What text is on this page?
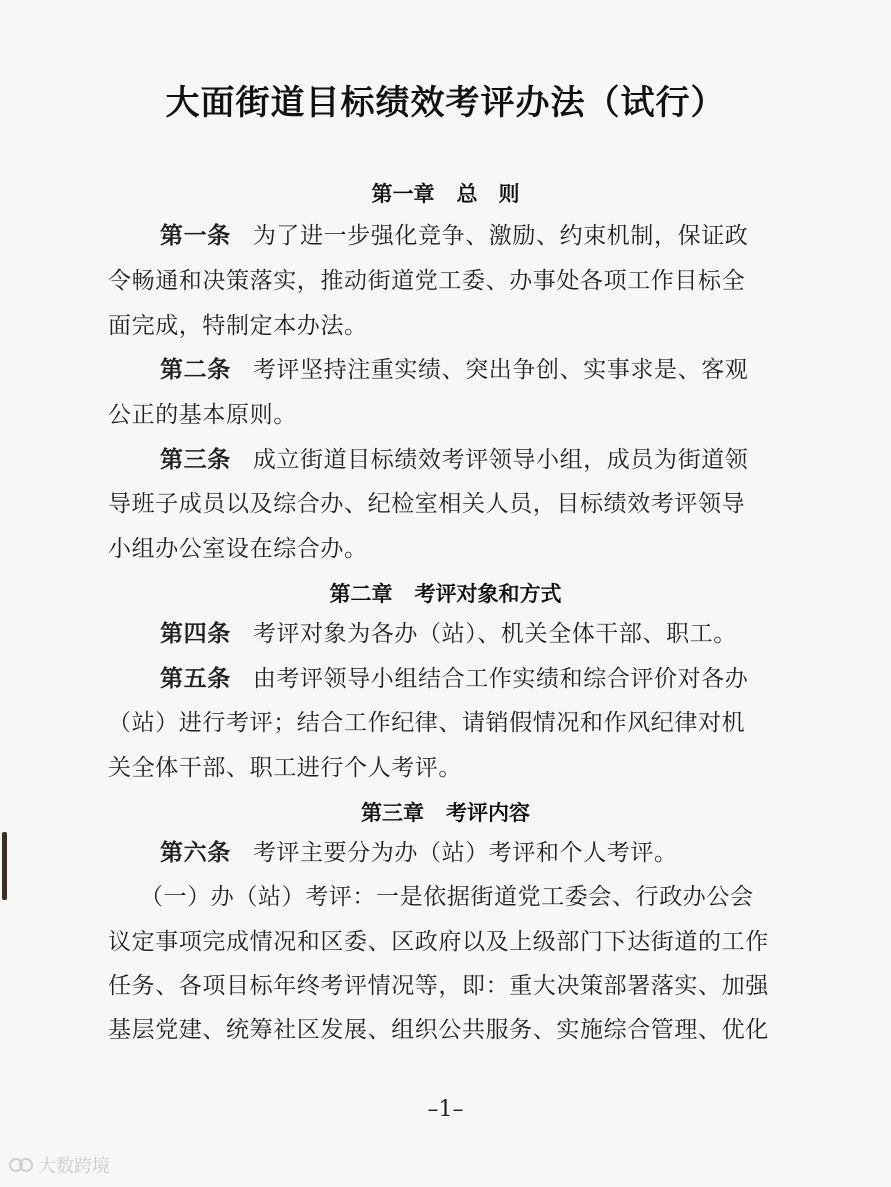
大面街道目标绩效考评办法（试行）
第一章 总　则
第一条 为了进一步强化竞争、激励、约束机制，保证政
令畅通和决策落实，推动街道党工委、办事处各项工作目标全
面完成，特制定本办法。
第二条 考评坚持注重实绩、突出争创、实事求是、客观
公正的基本原则。
第三条 成立街道目标绩效考评领导小组，成员为街道领
导班子成员以及综合办、纪检室相关人员，目标绩效考评领导
小组办公室设在综合办。
第二章 考评对象和方式
第四条 考评对象为各办（站）、机关全体干部、职工。
第五条 由考评领导小组结合工作实绩和综合评价对各办
（站）进行考评；结合工作纪律、请销假情况和作风纪律对机
关全体干部、职工进行个人考评。
第三章 考评内容
第六条 考评主要分为办（站）考评和个人考评。
（一）办（站）考评：一是依据街道党工委会、行政办公会
议定事项完成情况和区委、区政府以及上级部门下达街道的工作
任务、各项目标年终考评情况等，即：重大决策部署落实、加强
基层党建、统筹社区发展、组织公共服务、实施综合管理、优化
–1–
大数跨境
